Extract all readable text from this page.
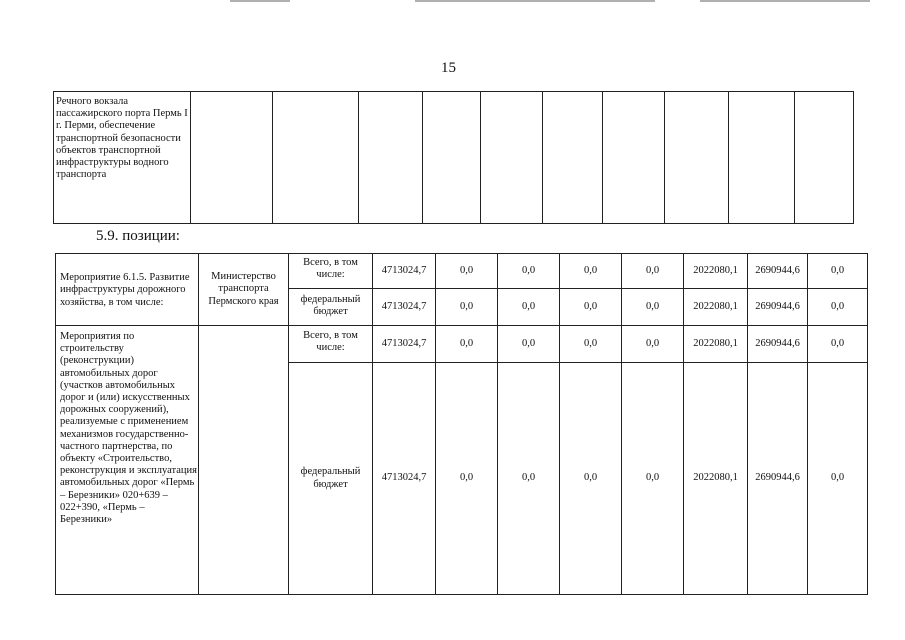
15
Речного вокзала пассажирского порта Пермь I г. Перми, обеспечение транспортной безопасности объектов транспортной инфраструктуры водного транспорта										
5.9. позиции:
Мероприятие 6.1.5. Развитие инфраструктуры дорожного хозяйства, в том числе:	Министерство транспорта Пермского края	Всего, в том числе:	4713024,7	0,0	0,0	0,0	0,0	2022080,1	2690944,6	0,0
		федеральный бюджет	4713024,7	0,0	0,0	0,0	0,0	2022080,1	2690944,6	0,0
Мероприятия по строительству (реконструкции) автомобильных дорог (участков автомобильных дорог и (или) искусственных дорожных сооружений), реализуемые с применением механизмов государственно-частного партнерства, по объекту «Строительство, реконструкция и эксплуатация автомобильных дорог «Пермь – Березники» 020+639 – 022+390, «Пермь – Березники»		Всего, в том числе:	4713024,7	0,0	0,0	0,0	0,0	2022080,1	2690944,6	0,0
		федеральный бюджет	4713024,7	0,0	0,0	0,0	0,0	2022080,1	2690944,6	0,0
